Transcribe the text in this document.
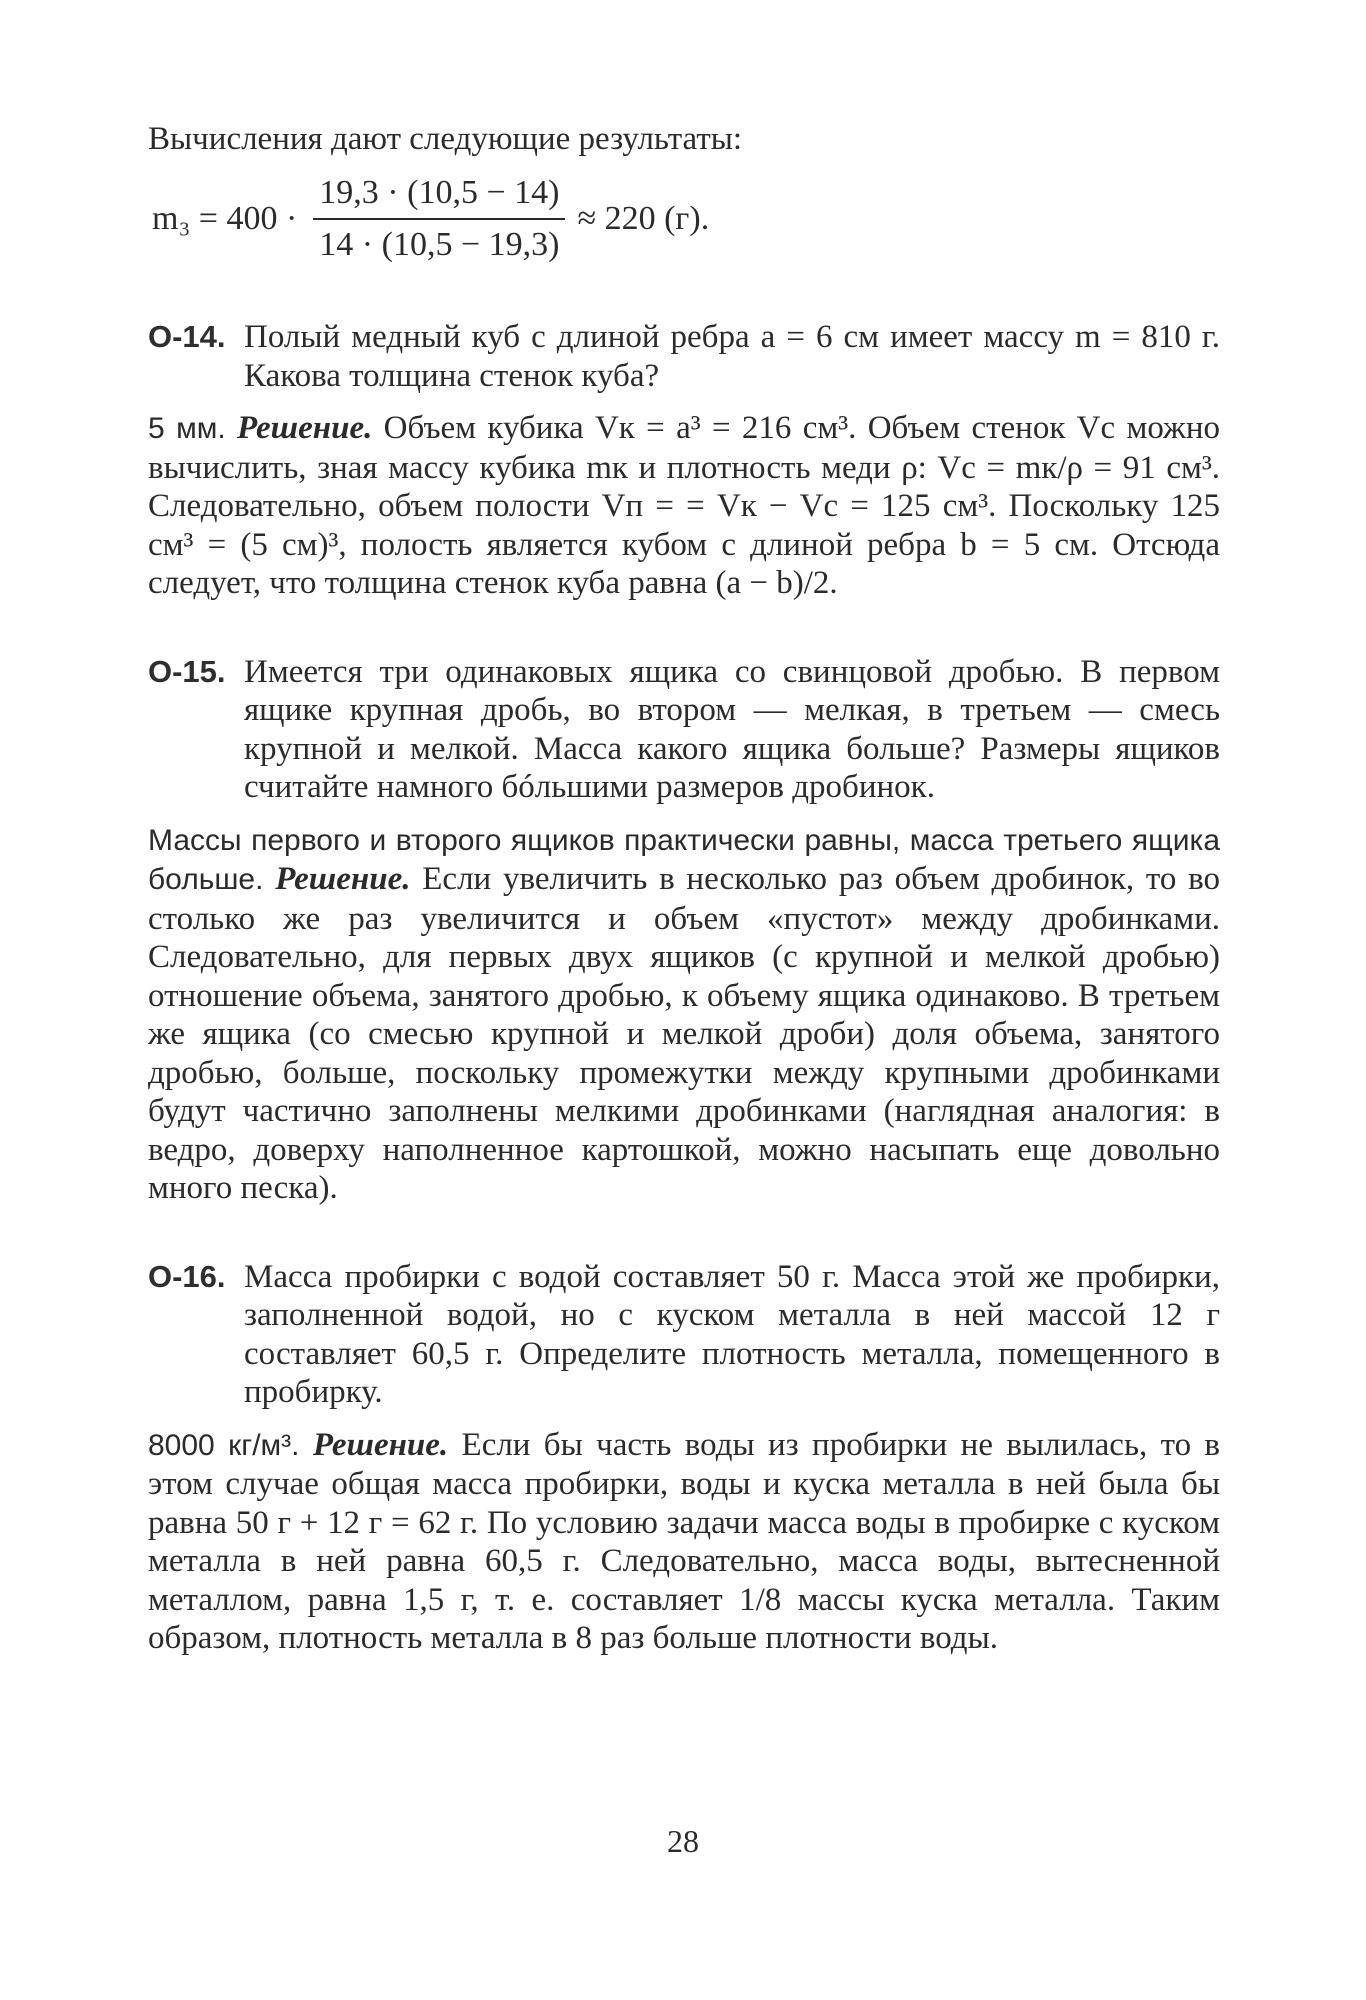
Вычисления дают следующие результаты:

$m_3 = 400 \cdot \frac{19,3 \cdot (10,5 - 14)}{14 \cdot (10,5 - 19,3)} \approx 220$ (г).
О-14. Полый медный куб с длиной ребра a = 6 см имеет массу m = 810 г. Какова толщина стенок куба?
5 мм. Решение. Объем кубика Vк = a³ = 216 см³. Объем стенок Vс можно вычислить, зная массу кубика mк и плотность меди ρ: Vс = mк/ρ = 91 см³. Следовательно, объем полости Vп = = Vк − Vс = 125 см³. Поскольку 125 см³ = (5 см)³, полость является кубом с длиной ребра b = 5 см. Отсюда следует, что толщина стенок куба равна (a − b)/2.
О-15. Имеется три одинаковых ящика со свинцовой дробью. В первом ящике крупная дробь, во втором — мелкая, в третьем — смесь крупной и мелкой. Масса какого ящика больше? Размеры ящиков считайте намного бóльшими размеров дробинок.
Массы первого и второго ящиков практически равны, масса третьего ящика больше. Решение. Если увеличить в несколько раз объем дробинок, то во столько же раз увеличится и объем «пустот» между дробинками. Следовательно, для первых двух ящиков (с крупной и мелкой дробью) отношение объема, занятого дробью, к объему ящика одинаково. В третьем же ящика (со смесью крупной и мелкой дроби) доля объема, занятого дробью, больше, поскольку промежутки между крупными дробинками будут частично заполнены мелкими дробинками (наглядная аналогия: в ведро, доверху наполненное картошкой, можно насыпать еще довольно много песка).
О-16. Масса пробирки с водой составляет 50 г. Масса этой же пробирки, заполненной водой, но с куском металла в ней массой 12 г составляет 60,5 г. Определите плотность металла, помещенного в пробирку.
8000 кг/м³. Решение. Если бы часть воды из пробирки не вылилась, то в этом случае общая масса пробирки, воды и куска металла в ней была бы равна 50 г + 12 г = 62 г. По условию задачи масса воды в пробирке с куском металла в ней равна 60,5 г. Следовательно, масса воды, вытесненной металлом, равна 1,5 г, т. е. составляет 1/8 массы куска металла. Таким образом, плотность металла в 8 раз больше плотности воды.
28
